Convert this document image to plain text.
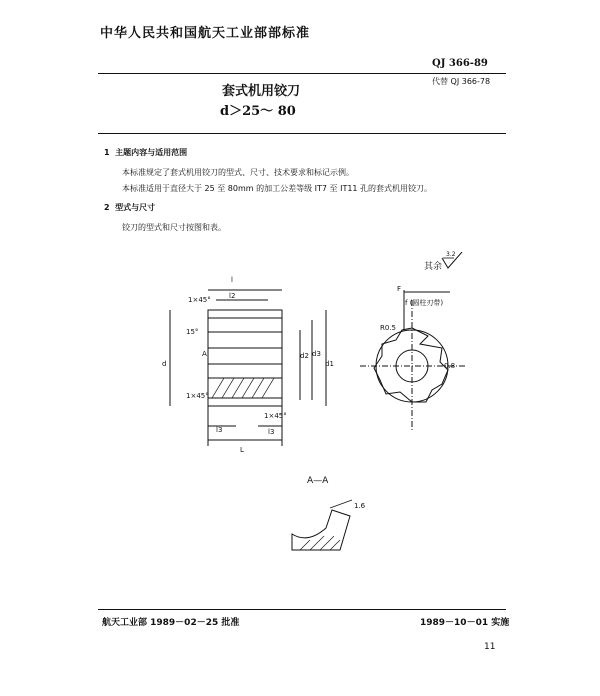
中华人民共和国航天工业部部标准
QJ 366-89
代替 QJ 366-78
套式机用铰刀
d＞25～ 80
1 主题内容与适用范围
本标准规定了套式机用铰刀的型式、尺寸、技术要求和标记示例。
本标准适用于直径大于 25 至 80mm 的加工公差等级 IT7 至 IT11 孔的套式机用铰刀。
2 型式与尺寸
铰刀的型式和尺寸按图和表。
其余
3.2
l
l2
1×45°
15°
A
d
d2 d3
d1
1×45°
1×45°
l3	l3
L
F
f (圆柱刃带)
R0.5
0.8
A—A
1.6
航天工业部 1989－02－25 批准	1989－10－01 实施
11
